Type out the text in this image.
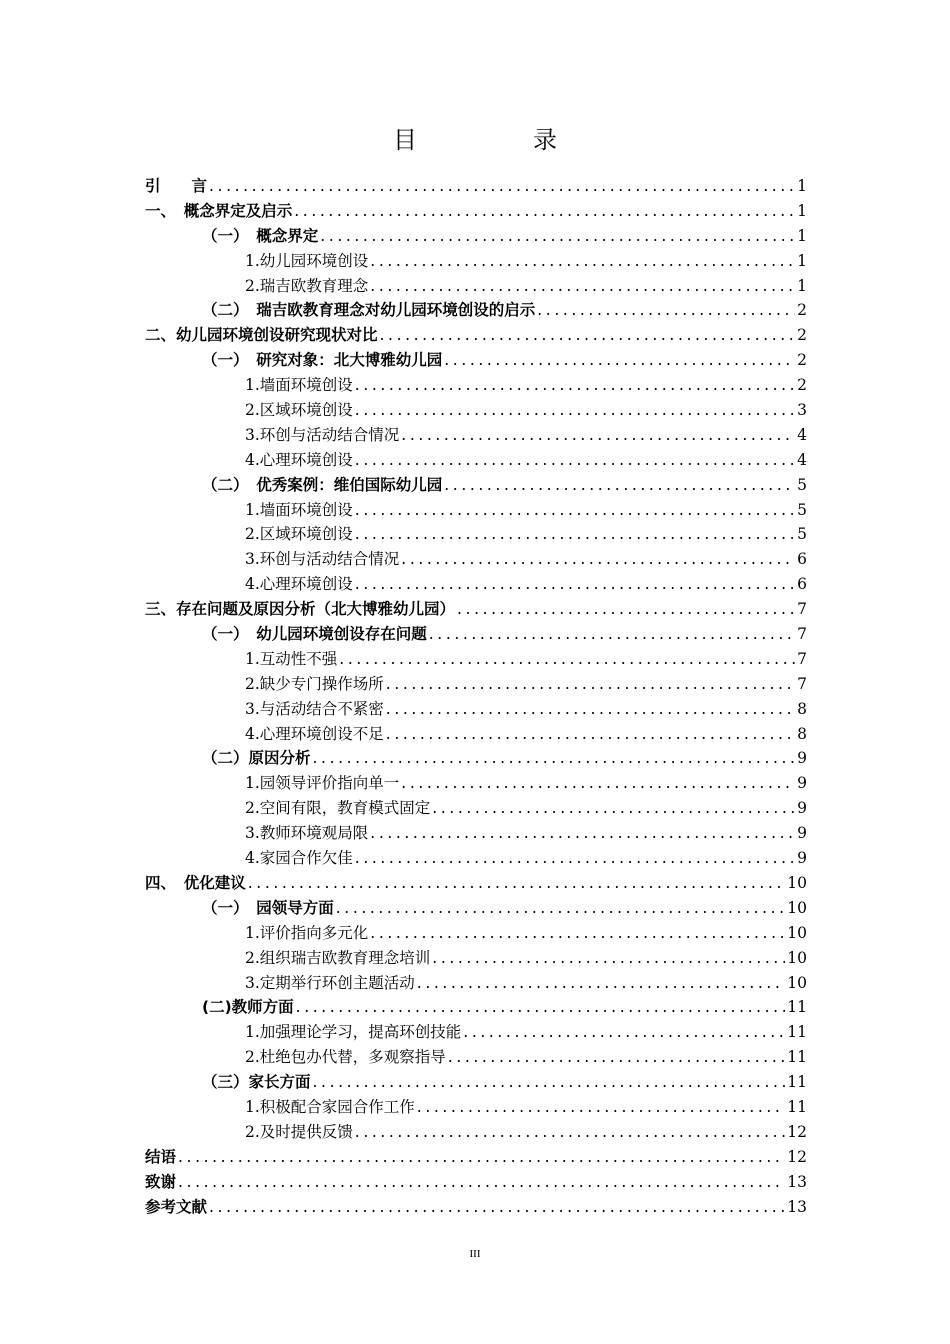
目　录
引　　言 .....	1
一、　概念界定及启示 .....	1
（一）　概念界定 .....	1
1.幼儿园环境创设 .....	1
2.瑞吉欧教育理念 .....	1
（二）　瑞吉欧教育理念对幼儿园环境创设的启示 .....	2
二、幼儿园环境创设研究现状对比 .....	2
（一）　研究对象：北大博雅幼儿园 .....	2
1.墙面环境创设 .....	2
2.区域环境创设 .....	3
3.环创与活动结合情况 .....	4
4.心理环境创设 .....	4
（二）　优秀案例：维伯国际幼儿园 .....	5
1.墙面环境创设 .....	5
2.区域环境创设 .....	5
3.环创与活动结合情况 .....	6
4.心理环境创设 .....	6
三、存在问题及原因分析（北大博雅幼儿园） .....	7
（一）　幼儿园环境创设存在问题 .....	7
1.互动性不强 .....	7
2.缺少专门操作场所 .....	7
3.与活动结合不紧密 .....	8
4.心理环境创设不足 .....	8
（二）原因分析 .....	9
1.园领导评价指向单一 .....	9
2.空间有限，教育模式固定 .....	9
3.教师环境观局限 .....	9
4.家园合作欠佳 .....	9
四、　优化建议 .....	10
（一）　园领导方面 .....	10
1.评价指向多元化 .....	10
2.组织瑞吉欧教育理念培训 .....	10
3.定期举行环创主题活动 .....	10
(二)教师方面 .....	11
1.加强理论学习，提高环创技能 .....	11
2.杜绝包办代替，多观察指导 .....	11
（三）家长方面 .....	11
1.积极配合家园合作工作 .....	11
2.及时提供反馈 .....	12
结语 .....	12
致谢 .....	13
参考文献 .....	13
III
